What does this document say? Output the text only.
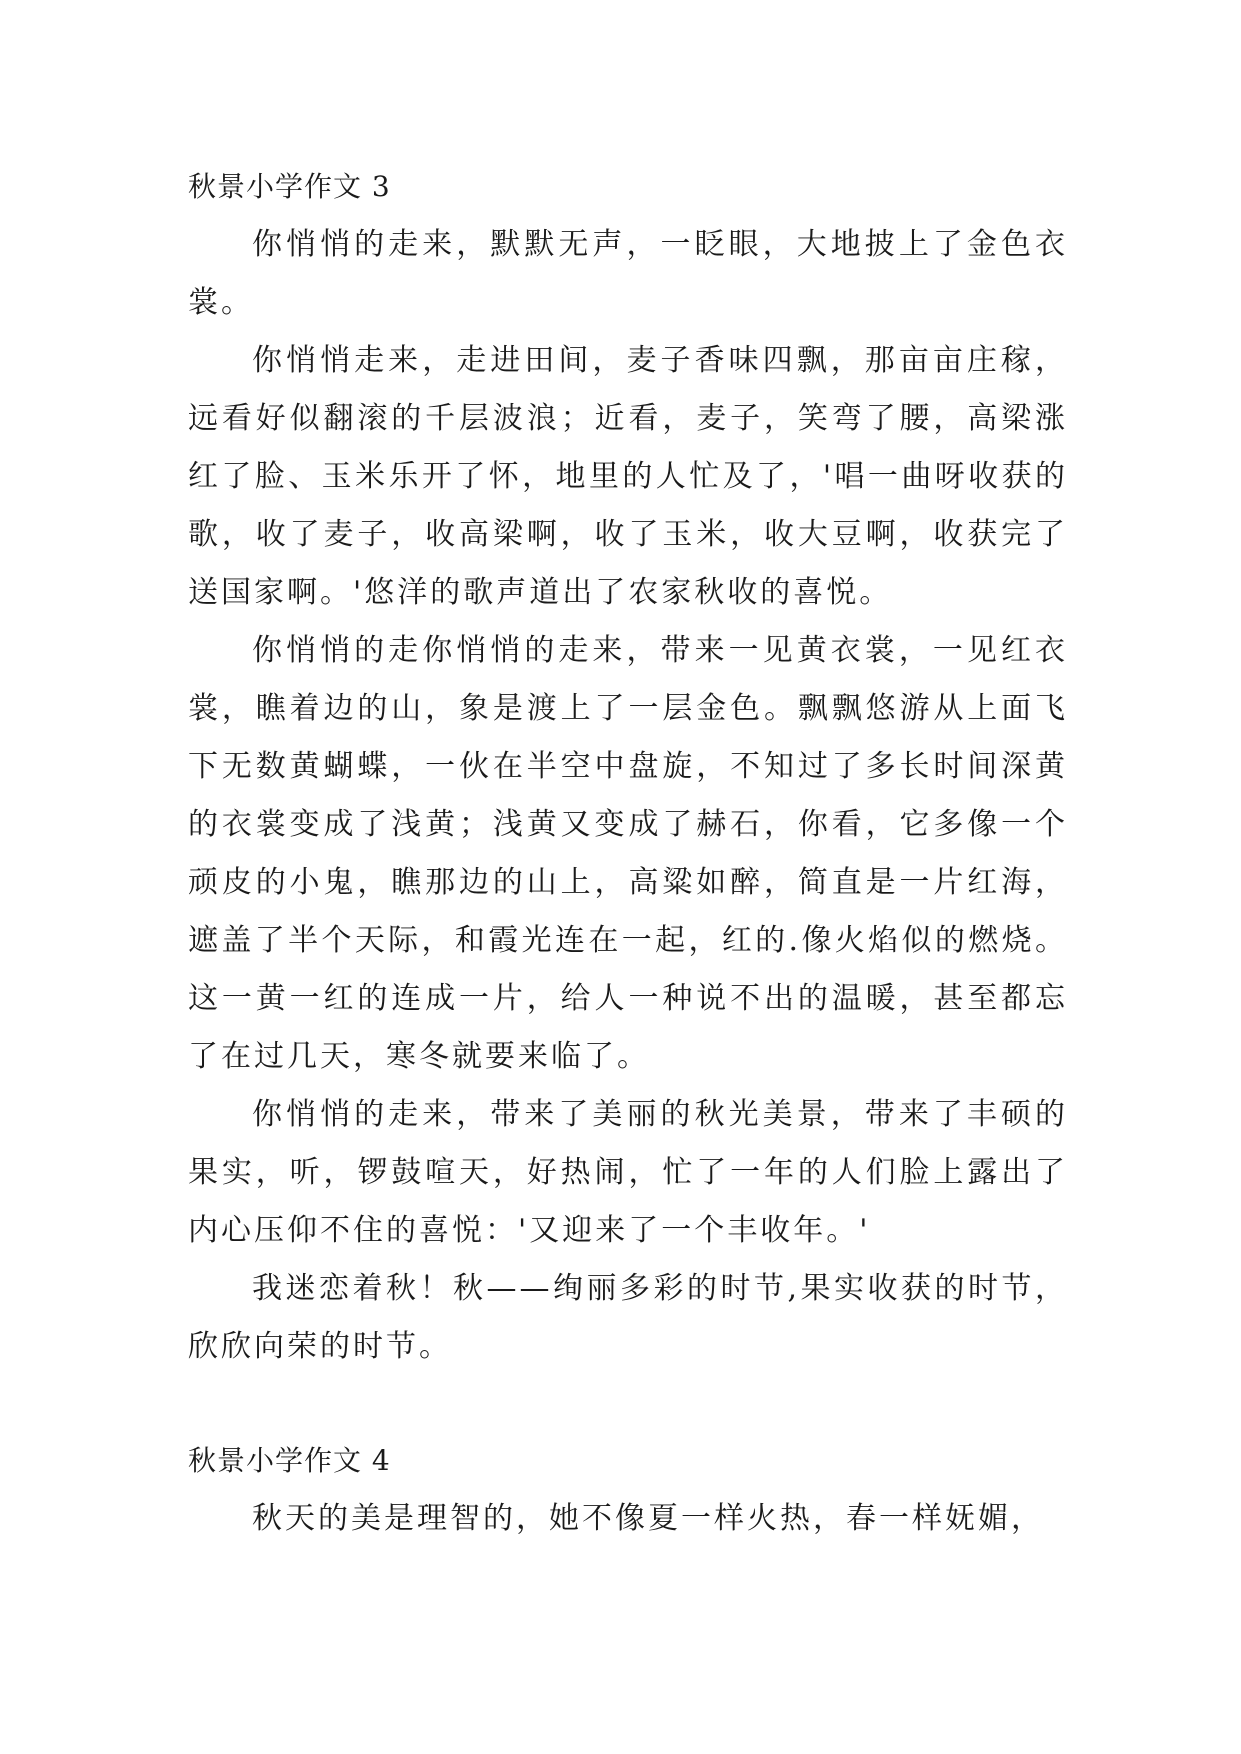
秋景小学作文 3

你悄悄的走来，默默无声，一眨眼，大地披上了金色衣裳。

你悄悄走来，走进田间，麦子香味四飘，那亩亩庄稼，远看好似翻滚的千层波浪；近看，麦子，笑弯了腰，高梁涨红了脸、玉米乐开了怀，地里的人忙及了，'唱一曲呀收获的歌，收了麦子，收高梁啊，收了玉米，收大豆啊，收获完了送国家啊。'悠洋的歌声道出了农家秋收的喜悦。

你悄悄的走你悄悄的走来，带来一见黄衣裳，一见红衣裳，瞧着边的山，象是渡上了一层金色。飘飘悠游从上面飞下无数黄蝴蝶，一伙在半空中盘旋，不知过了多长时间深黄的衣裳变成了浅黄；浅黄又变成了赫石，你看，它多像一个顽皮的小鬼，瞧那边的山上，高粱如醉，简直是一片红海，遮盖了半个天际，和霞光连在一起，红的.像火焰似的燃烧。这一黄一红的连成一片，给人一种说不出的温暖，甚至都忘了在过几天，寒冬就要来临了。

你悄悄的走来，带来了美丽的秋光美景，带来了丰硕的果实，听，锣鼓喧天，好热闹，忙了一年的人们脸上露出了内心压仰不住的喜悦：'又迎来了一个丰收年。'

我迷恋着秋！秋——绚丽多彩的时节,果实收获的时节，欣欣向荣的时节。

秋景小学作文 4

秋天的美是理智的，她不像夏一样火热，春一样妩媚，
